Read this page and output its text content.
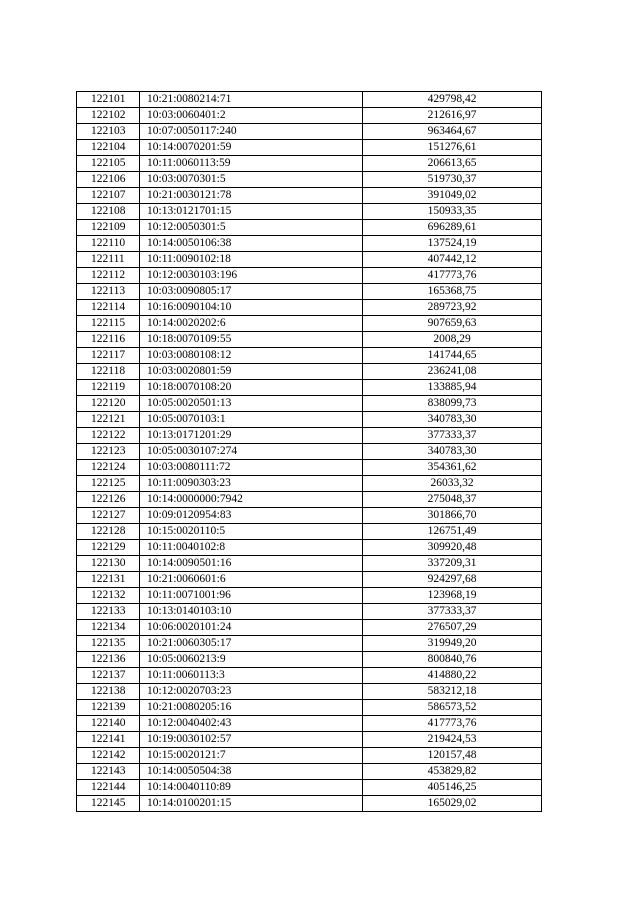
122101	10:21:0080214:71	429798,42
122102	10:03:0060401:2	212616,97
122103	10:07:0050117:240	963464,67
122104	10:14:0070201:59	151276,61
122105	10:11:0060113:59	206613,65
122106	10:03:0070301:5	519730,37
122107	10:21:0030121:78	391049,02
122108	10:13:0121701:15	150933,35
122109	10:12:0050301:5	696289,61
122110	10:14:0050106:38	137524,19
122111	10:11:0090102:18	407442,12
122112	10:12:0030103:196	417773,76
122113	10:03:0090805:17	165368,75
122114	10:16:0090104:10	289723,92
122115	10:14:0020202:6	907659,63
122116	10:18:0070109:55	2008,29
122117	10:03:0080108:12	141744,65
122118	10:03:0020801:59	236241,08
122119	10:18:0070108:20	133885,94
122120	10:05:0020501:13	838099,73
122121	10:05:0070103:1	340783,30
122122	10:13:0171201:29	377333,37
122123	10:05:0030107:274	340783,30
122124	10:03:0080111:72	354361,62
122125	10:11:0090303:23	26033,32
122126	10:14:0000000:7942	275048,37
122127	10:09:0120954:83	301866,70
122128	10:15:0020110:5	126751,49
122129	10:11:0040102:8	309920,48
122130	10:14:0090501:16	337209,31
122131	10:21:0060601:6	924297,68
122132	10:11:0071001:96	123968,19
122133	10:13:0140103:10	377333,37
122134	10:06:0020101:24	276507,29
122135	10:21:0060305:17	319949,20
122136	10:05:0060213:9	800840,76
122137	10:11:0060113:3	414880,22
122138	10:12:0020703:23	583212,18
122139	10:21:0080205:16	586573,52
122140	10:12:0040402:43	417773,76
122141	10:19:0030102:57	219424,53
122142	10:15:0020121:7	120157,48
122143	10:14:0050504:38	453829,82
122144	10:14:0040110:89	405146,25
122145	10:14:0100201:15	165029,02
